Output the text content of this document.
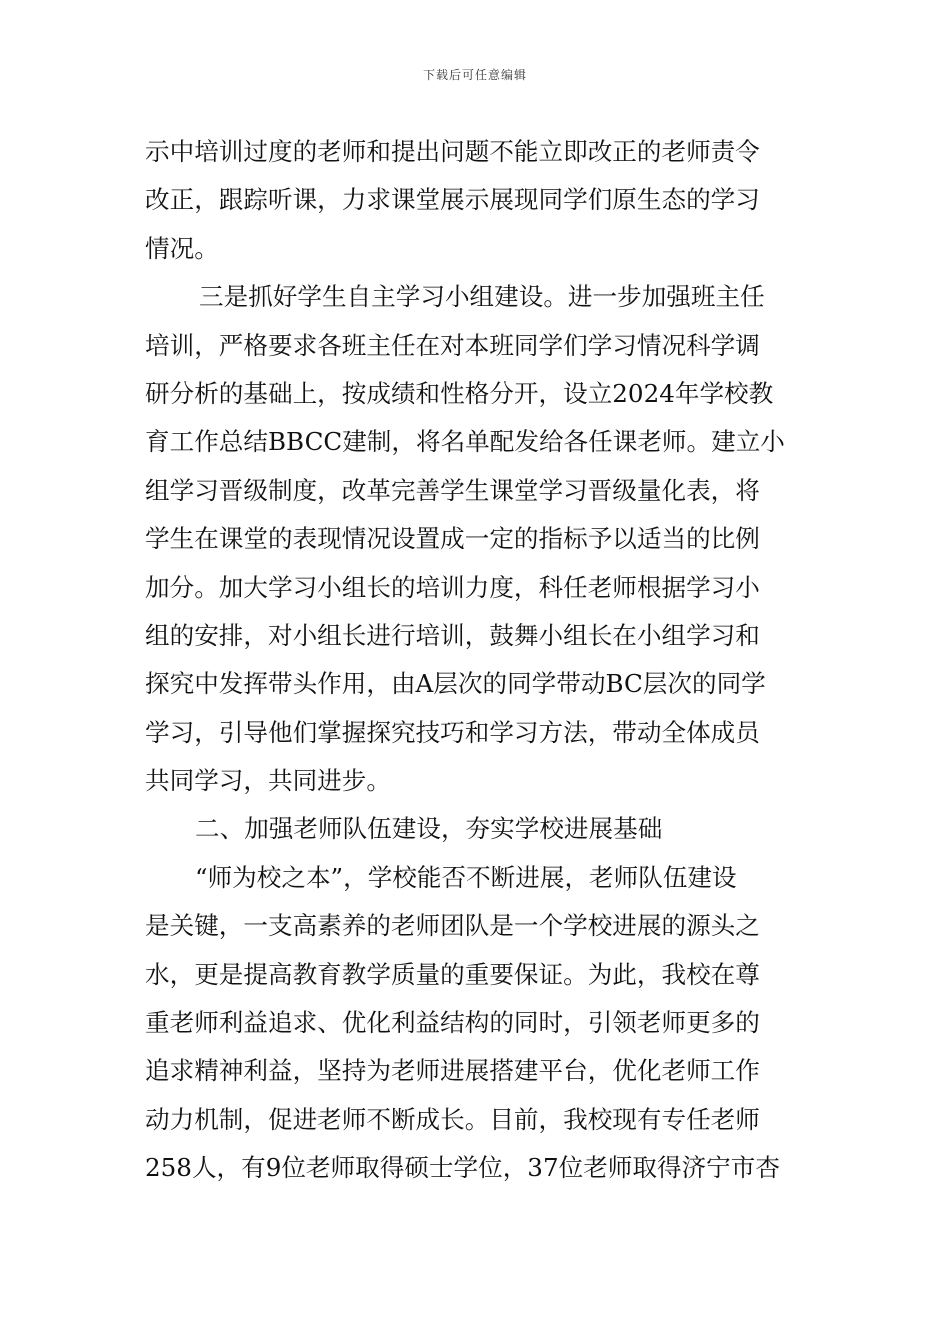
下载后可任意编辑
示中培训过度的老师和提出问题不能立即改正的老师责令
改正，跟踪听课，力求课堂展示展现同学们原生态的学习
情况。
三是抓好学生自主学习小组建设。进一步加强班主任
培训，严格要求各班主任在对本班同学们学习情况科学调
研分析的基础上，按成绩和性格分开，设立2024年学校教
育工作总结BBCC建制，将名单配发给各任课老师。建立小
组学习晋级制度，改革完善学生课堂学习晋级量化表，将
学生在课堂的表现情况设置成一定的指标予以适当的比例
加分。加大学习小组长的培训力度，科任老师根据学习小
组的安排，对小组长进行培训，鼓舞小组长在小组学习和
探究中发挥带头作用，由A层次的同学带动BC层次的同学
学习，引导他们掌握探究技巧和学习方法，带动全体成员
共同学习，共同进步。
二、加强老师队伍建设，夯实学校进展基础
“师为校之本”，学校能否不断进展，老师队伍建设
是关键，一支高素养的老师团队是一个学校进展的源头之
水，更是提高教育教学质量的重要保证。为此，我校在尊
重老师利益追求、优化利益结构的同时，引领老师更多的
追求精神利益，坚持为老师进展搭建平台，优化老师工作
动力机制，促进老师不断成长。目前，我校现有专任老师
258人，有9位老师取得硕士学位，37位老师取得济宁市杏
